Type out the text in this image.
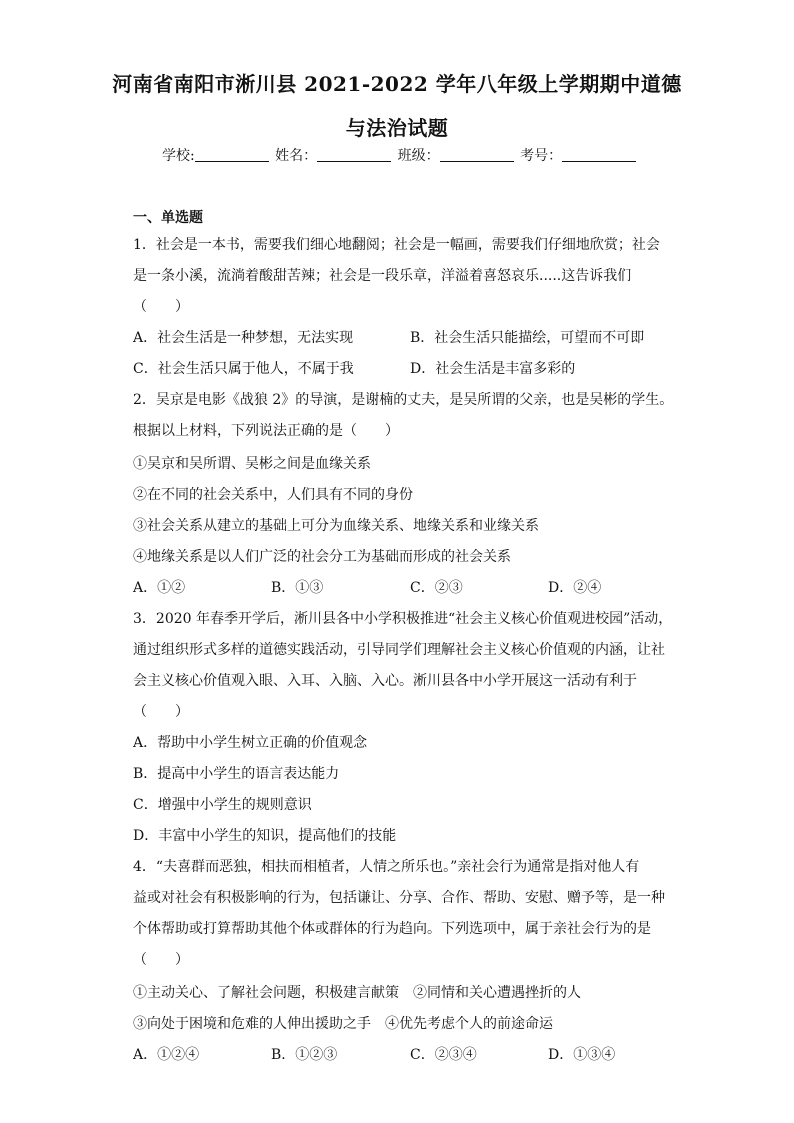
河南省南阳市淅川县 2021-2022 学年八年级上学期期中道德
与法治试题
学校:	姓名：	班级：	考号：
一、单选题
1．社会是一本书，需要我们细心地翻阅；社会是一幅画，需要我们仔细地欣赏；社会
是一条小溪，流淌着酸甜苦辣；社会是一段乐章，洋溢着喜怒哀乐.....这告诉我们
（　　）
A．社会生活是一种梦想，无法实现	B．社会生活只能描绘，可望而不可即
C．社会生活只属于他人，不属于我	D．社会生活是丰富多彩的
2．吴京是电影《战狼 2》的导演，是谢楠的丈夫，是吴所谓的父亲，也是吴彬的学生。
根据以上材料，下列说法正确的是（　　）
①吴京和吴所谓、吴彬之间是血缘关系
②在不同的社会关系中，人们具有不同的身份
③社会关系从建立的基础上可分为血缘关系、地缘关系和业缘关系
④地缘关系是以人们广泛的社会分工为基础而形成的社会关系
A．①②	B．①③	C．②③	D．②④
3．2020 年春季开学后，淅川县各中小学积极推进“社会主义核心价值观进校园”活动，
通过组织形式多样的道德实践活动，引导同学们理解社会主义核心价值观的内涵，让社
会主义核心价值观入眼、入耳、入脑、入心。淅川县各中小学开展这一活动有利于
（　　）
A．帮助中小学生树立正确的价值观念
B．提高中小学生的语言表达能力
C．增强中小学生的规则意识
D．丰富中小学生的知识，提高他们的技能
4．“夫喜群而恶独，相扶而相植者，人情之所乐也。”亲社会行为通常是指对他人有
益或对社会有积极影响的行为，包括谦让、分享、合作、帮助、安慰、赠予等，是一种
个体帮助或打算帮助其他个体或群体的行为趋向。下列选项中，属于亲社会行为的是
（　　）
①主动关心、了解社会问题，积极建言献策　②同情和关心遭遇挫折的人
③向处于困境和危难的人伸出援助之手　④优先考虑个人的前途命运
A．①②④	B．①②③	C．②③④	D．①③④
